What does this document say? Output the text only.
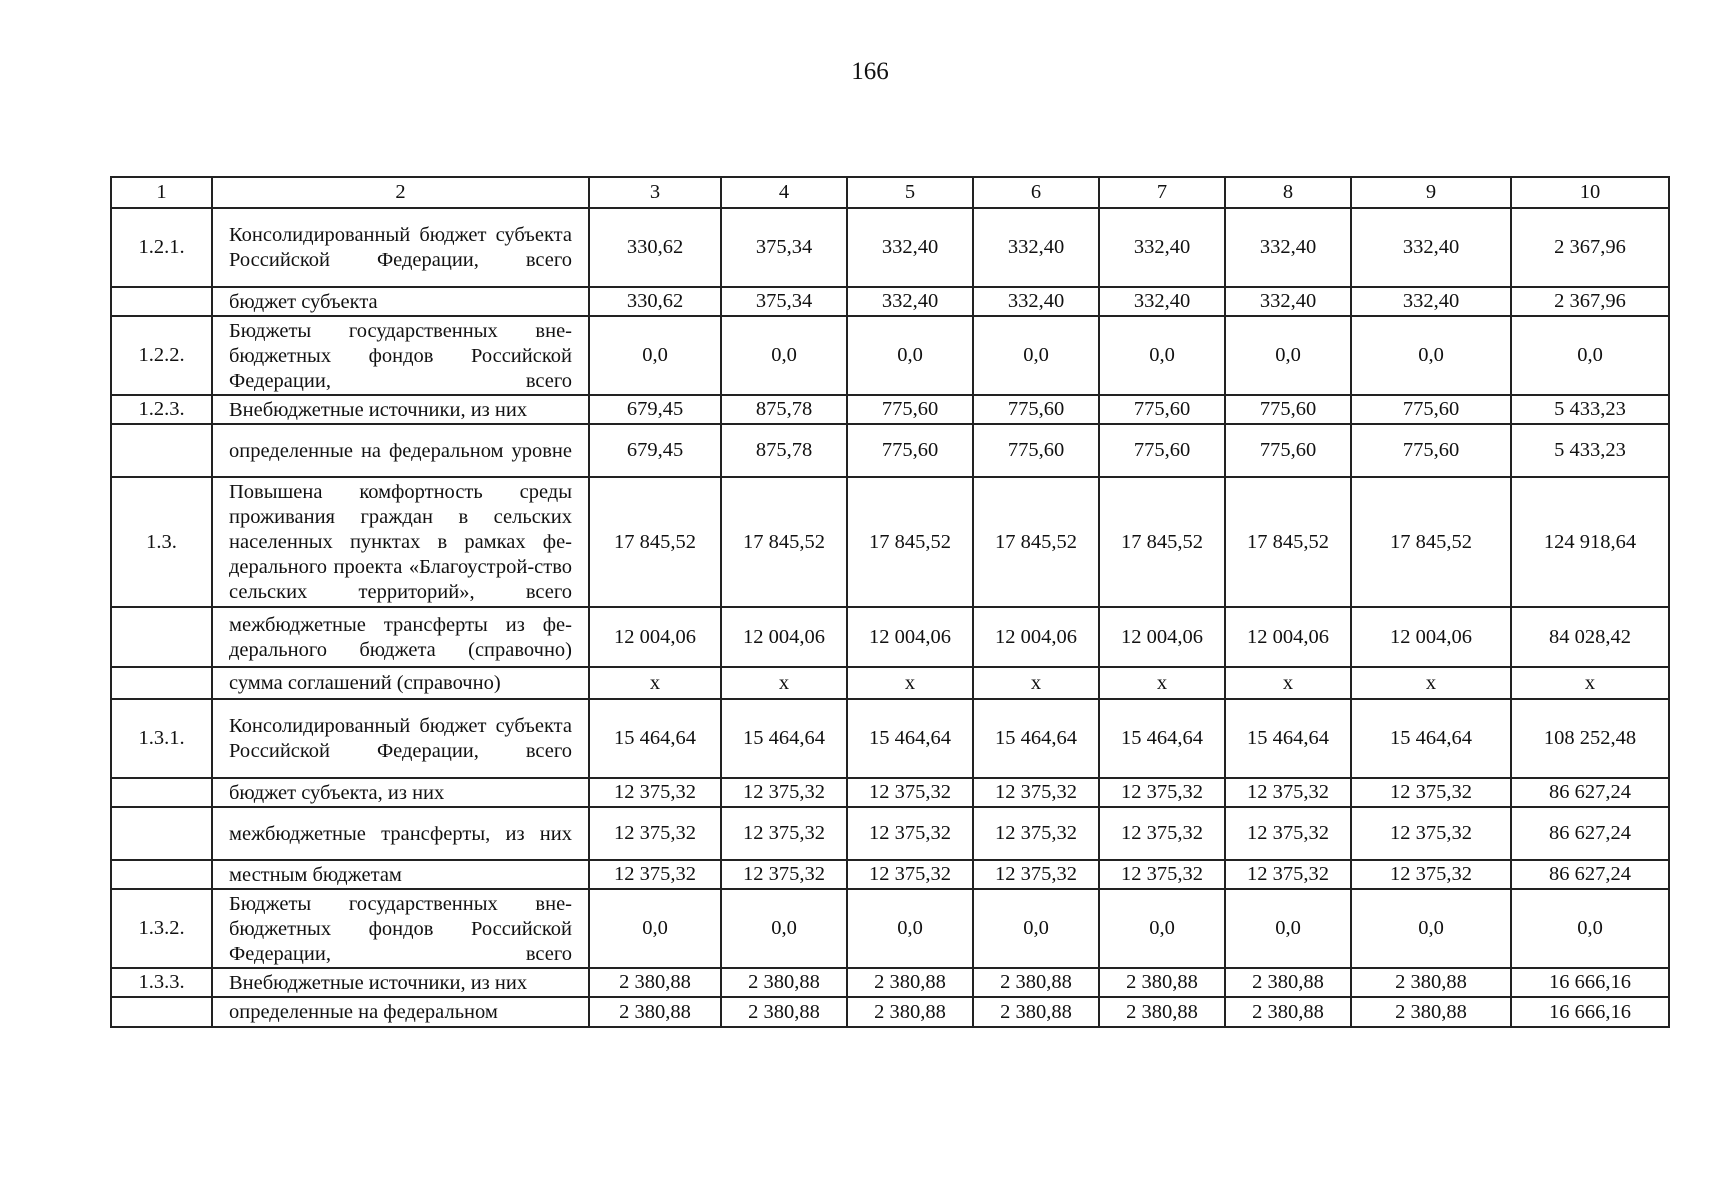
166
1	2	3	4	5	6	7	8	9	10
1.2.1.	Консолидированный бюджет субъекта Российской Федерации, всего	330,62	375,34	332,40	332,40	332,40	332,40	332,40	2 367,96
	бюджет субъекта	330,62	375,34	332,40	332,40	332,40	332,40	332,40	2 367,96
1.2.2.	Бюджеты государственных вне-бюджетных фондов Российской Федерации, всего	0,0	0,0	0,0	0,0	0,0	0,0	0,0	0,0
1.2.3.	Внебюджетные источники, из них	679,45	875,78	775,60	775,60	775,60	775,60	775,60	5 433,23
	определенные на федеральном уровне	679,45	875,78	775,60	775,60	775,60	775,60	775,60	5 433,23
1.3.	Повышена комфортность среды проживания граждан в сельских населенных пунктах в рамках фе-дерального проекта «Благоустрой-ство сельских территорий», всего	17 845,52	17 845,52	17 845,52	17 845,52	17 845,52	17 845,52	17 845,52	124 918,64
	межбюджетные трансферты из фе-дерального бюджета (справочно)	12 004,06	12 004,06	12 004,06	12 004,06	12 004,06	12 004,06	12 004,06	84 028,42
	сумма соглашений (справочно)	х	х	х	х	х	х	х	х
1.3.1.	Консолидированный бюджет субъекта Российской Федерации, всего	15 464,64	15 464,64	15 464,64	15 464,64	15 464,64	15 464,64	15 464,64	108 252,48
	бюджет субъекта, из них	12 375,32	12 375,32	12 375,32	12 375,32	12 375,32	12 375,32	12 375,32	86 627,24
	межбюджетные трансферты, из них	12 375,32	12 375,32	12 375,32	12 375,32	12 375,32	12 375,32	12 375,32	86 627,24
	местным бюджетам	12 375,32	12 375,32	12 375,32	12 375,32	12 375,32	12 375,32	12 375,32	86 627,24
1.3.2.	Бюджеты государственных вне-бюджетных фондов Российской Федерации, всего	0,0	0,0	0,0	0,0	0,0	0,0	0,0	0,0
1.3.3.	Внебюджетные источники, из них	2 380,88	2 380,88	2 380,88	2 380,88	2 380,88	2 380,88	2 380,88	16 666,16
	определенные на федеральном	2 380,88	2 380,88	2 380,88	2 380,88	2 380,88	2 380,88	2 380,88	16 666,16
